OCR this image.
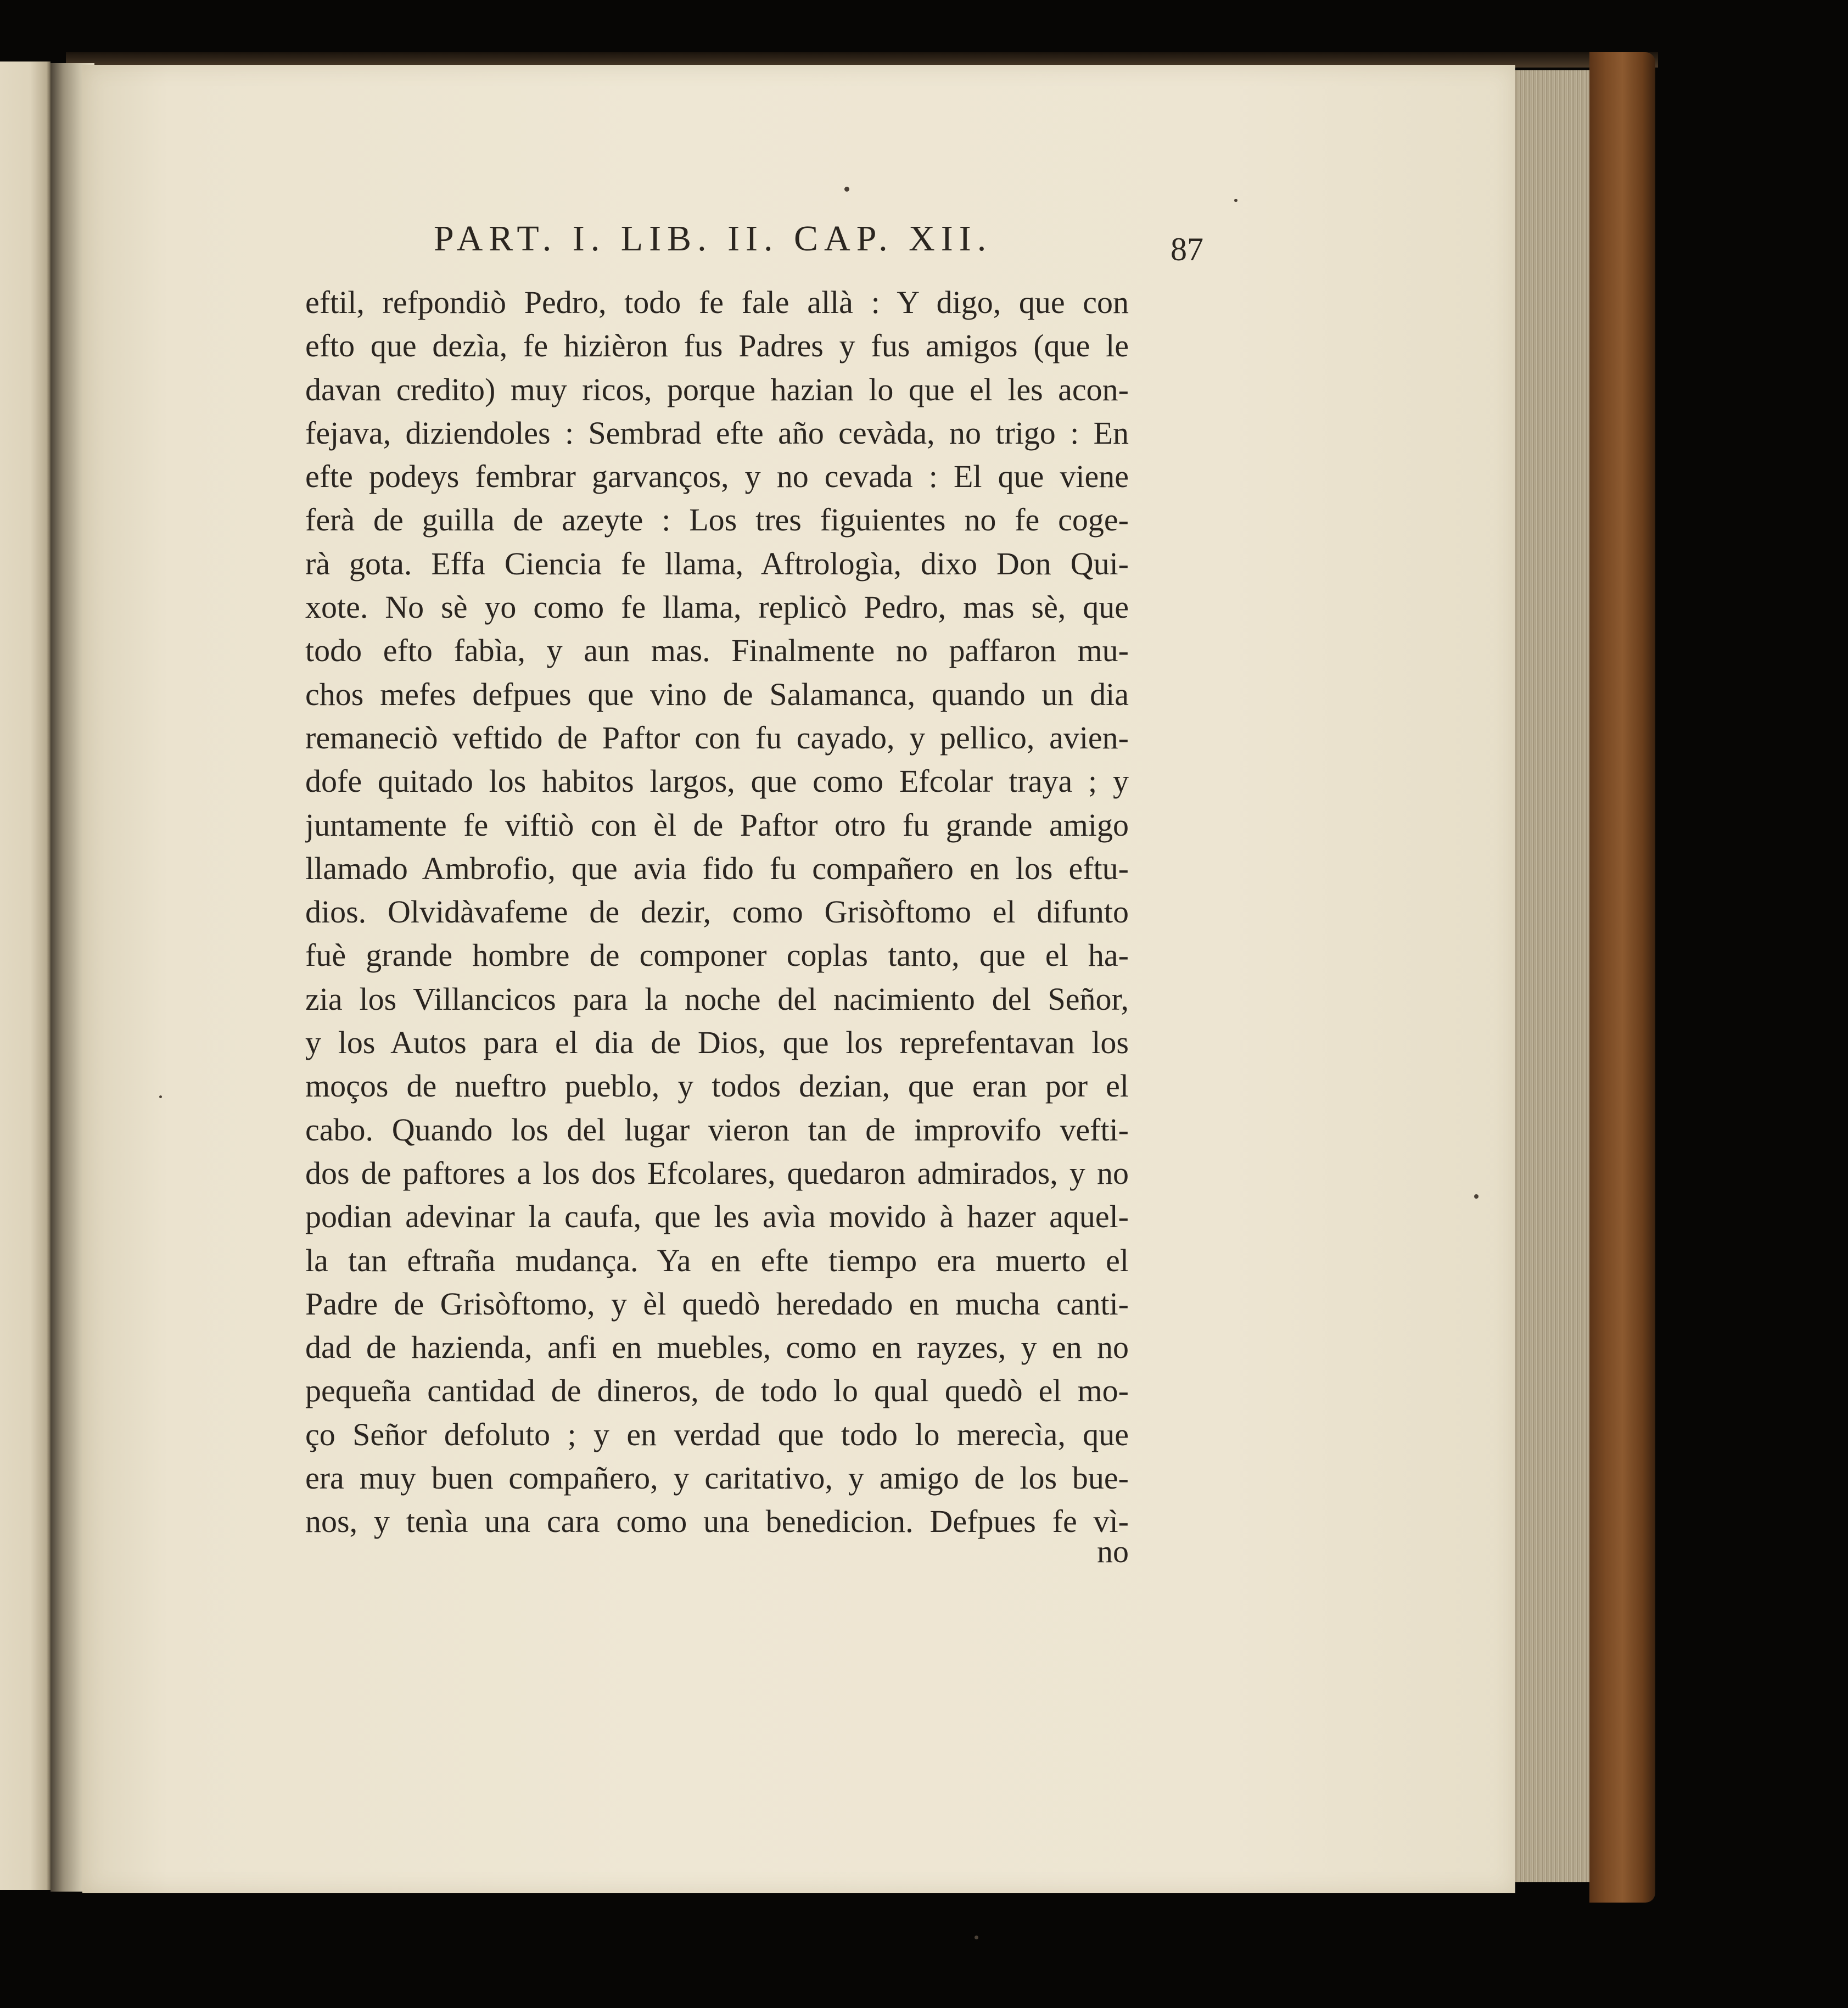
PART. I. LIB. II. CAP. XII.	87
eftil, refpondiò Pedro, todo fe fale allà : Y digo, que con
efto que dezìa, fe hizièron fus Padres y fus amigos (que le
davan credito) muy ricos, porque hazian lo que el les acon-
fejava, diziendoles : Sembrad efte año cevàda, no trigo : En
efte podeys fembrar garvanços, y no cevada : El que viene
ferà de guilla de azeyte : Los tres figuientes no fe coge-
rà gota. Effa Ciencia fe llama, Aftrologìa, dixo Don Qui-
xote. No sè yo como fe llama, replicò Pedro, mas sè, que
todo efto fabìa, y aun mas. Finalmente no paffaron mu-
chos mefes defpues que vino de Salamanca, quando un dia
remaneciò veftido de Paftor con fu cayado, y pellico, avien-
dofe quitado los habitos largos, que como Efcolar traya ; y
juntamente fe viftiò con èl de Paftor otro fu grande amigo
llamado Ambrofio, que avia fido fu compañero en los eftu-
dios. Olvidàvafeme de dezir, como Grisòftomo el difunto
fuè grande hombre de componer coplas tanto, que el ha-
zia los Villancicos para la noche del nacimiento del Señor,
y los Autos para el dia de Dios, que los reprefentavan los
moços de nueftro pueblo, y todos dezian, que eran por el
cabo. Quando los del lugar vieron tan de improvifo vefti-
dos de paftores a los dos Efcolares, quedaron admirados, y no
podian adevinar la caufa, que les avìa movido à hazer aquel-
la tan eftraña mudança. Ya en efte tiempo era muerto el
Padre de Grisòftomo, y èl quedò heredado en mucha canti-
dad de hazienda, anfi en muebles, como en rayzes, y en no
pequeña cantidad de dineros, de todo lo qual quedò el mo-
ço Señor defoluto ; y en verdad que todo lo merecìa, que
era muy buen compañero, y caritativo, y amigo de los bue-
nos, y tenìa una cara como una benedicion. Defpues fe vì-
no
